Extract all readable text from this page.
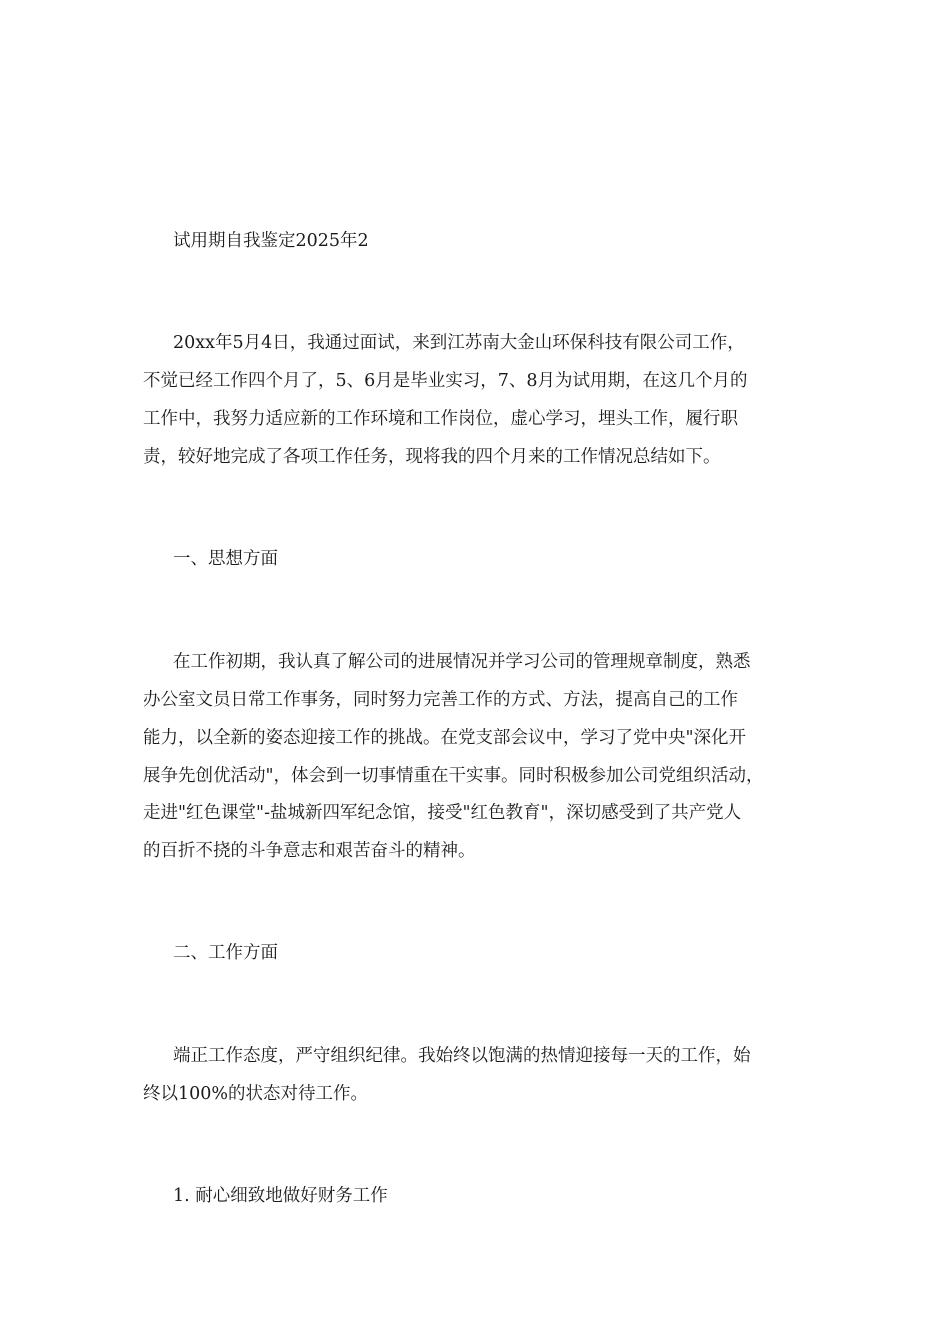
试用期自我鉴定2025年2

20xx年5月4日，我通过面试，来到江苏南大金山环保科技有限公司工作，

不觉已经工作四个月了，5、6月是毕业实习，7、8月为试用期，在这几个月的

工作中，我努力适应新的工作环境和工作岗位，虚心学习，埋头工作，履行职

责，较好地完成了各项工作任务，现将我的四个月来的工作情况总结如下。

一、思想方面

在工作初期，我认真了解公司的进展情况并学习公司的管理规章制度，熟悉

办公室文员日常工作事务，同时努力完善工作的方式、方法，提高自己的工作

能力，以全新的姿态迎接工作的挑战。在党支部会议中，学习了党中央"深化开

展争先创优活动"，体会到一切事情重在干实事。同时积极参加公司党组织活动，

走进"红色课堂"-盐城新四军纪念馆，接受"红色教育"，深切感受到了共产党人

的百折不挠的斗争意志和艰苦奋斗的精神。

二、工作方面

端正工作态度，严守组织纪律。我始终以饱满的热情迎接每一天的工作，始

终以100%的状态对待工作。

1. 耐心细致地做好财务工作
